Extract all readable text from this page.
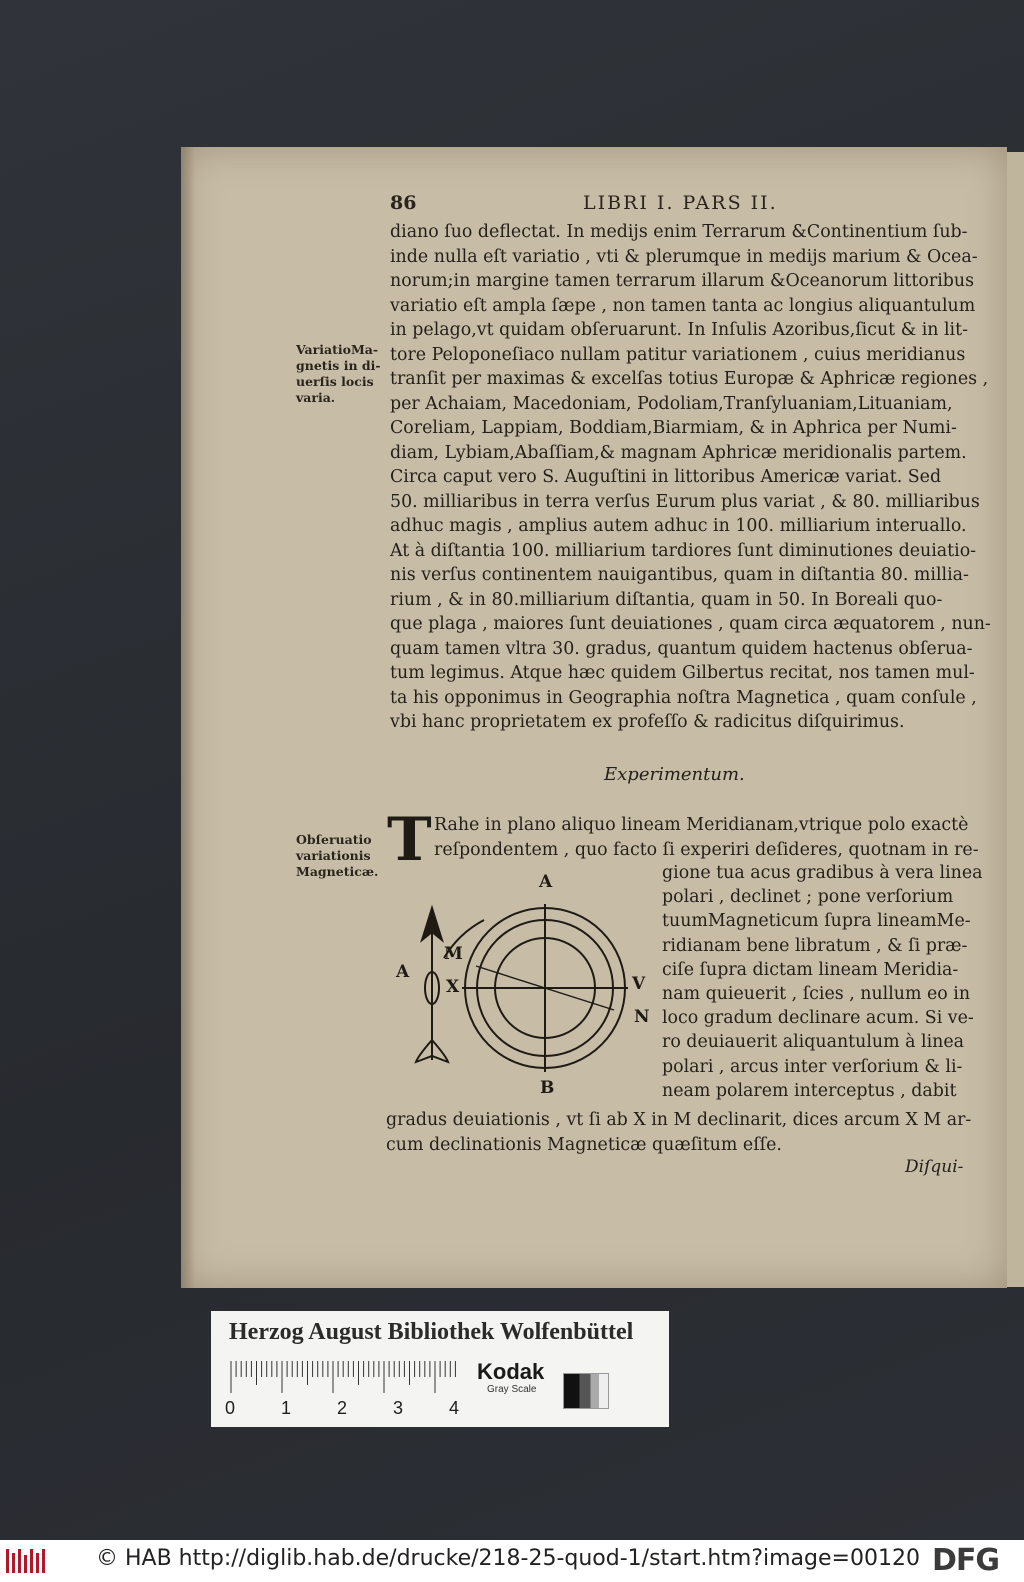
86	LIBRI I. PARS II.
VariatioMa-
gnetis in di-
uerſis locis
varia.
diano ſuo deflectat. In medijs enim Terrarum &Continentium ſub-
inde nulla eſt variatio , vti & plerumque in medijs marium & Ocea-
norum;in margine tamen terrarum illarum &Oceanorum littoribus
variatio eſt ampla ſæpe , non tamen tanta ac longius aliquantulum
in pelago,vt quidam obſeruarunt. In Inſulis Azoribus,ſicut & in lit-
tore Peloponeſiaco nullam patitur variationem , cuius meridianus
tranſit per maximas & excelſas totius Europæ & Aphricæ regiones ,
per Achaiam, Macedoniam, Podoliam,Tranſyluaniam,Lituaniam,
Coreliam, Lappiam, Boddiam,Biarmiam, & in Aphrica per Numi-
diam, Lybiam,Abaſſiam,& magnam Aphricæ meridionalis partem.
Circa caput vero S. Auguſtini in littoribus Americæ variat. Sed
50. milliaribus in terra verſus Eurum plus variat , & 80. milliaribus
adhuc magis , amplius autem adhuc in 100. milliarium interuallo.
At à diſtantia 100. milliarium tardiores ſunt diminutiones deuiatio-
nis verſus continentem nauigantibus, quam in diſtantia 80. millia-
rium , & in 80.milliarium diſtantia, quam in 50. In Boreali quo-
que plaga , maiores ſunt deuiationes , quam circa æquatorem , nun-
quam tamen vltra 30. gradus, quantum quidem hactenus obſerua-
tum legimus. Atque hæc quidem Gilbertus recitat, nos tamen mul-
ta his opponimus in Geographia noſtra Magnetica , quam conſule ,
vbi hanc proprietatem ex profeſſo & radicitus diſquirimus.
Experimentum.
Obſeruatio
variationis
Magneticæ. T Rahe in plano aliquo lineam Meridianam,vtrique polo exactè
reſpondentem , quo facto ſi experiri deſideres, quotnam in re-
gione tua acus gradibus à vera linea
polari , declinet ; pone verſorium
tuumMagneticum ſupra lineamMe-
ridianam bene libratum , & ſi præ-
ciſe ſupra dictam lineam Meridia-
nam quieuerit , ſcies , nullum eo in
loco gradum declinare acum. Si ve-
ro deuiauerit aliquantulum à linea
polari , arcus inter verſorium & li-
neam polarem interceptus , dabit
A
B
A
M
X	V
N
gradus deuiationis , vt ſi ab X in M declinarit, dices arcum X M ar-
cum declinationis Magneticæ quæſitum eſſe.
Diſqui-
Herzog August Bibliothek Wolfenbüttel
0	1	2	3	4
Kodak
Gray Scale
© HAB http://diglib.hab.de/drucke/218-25-quod-1/start.htm?image=00120 DFG
